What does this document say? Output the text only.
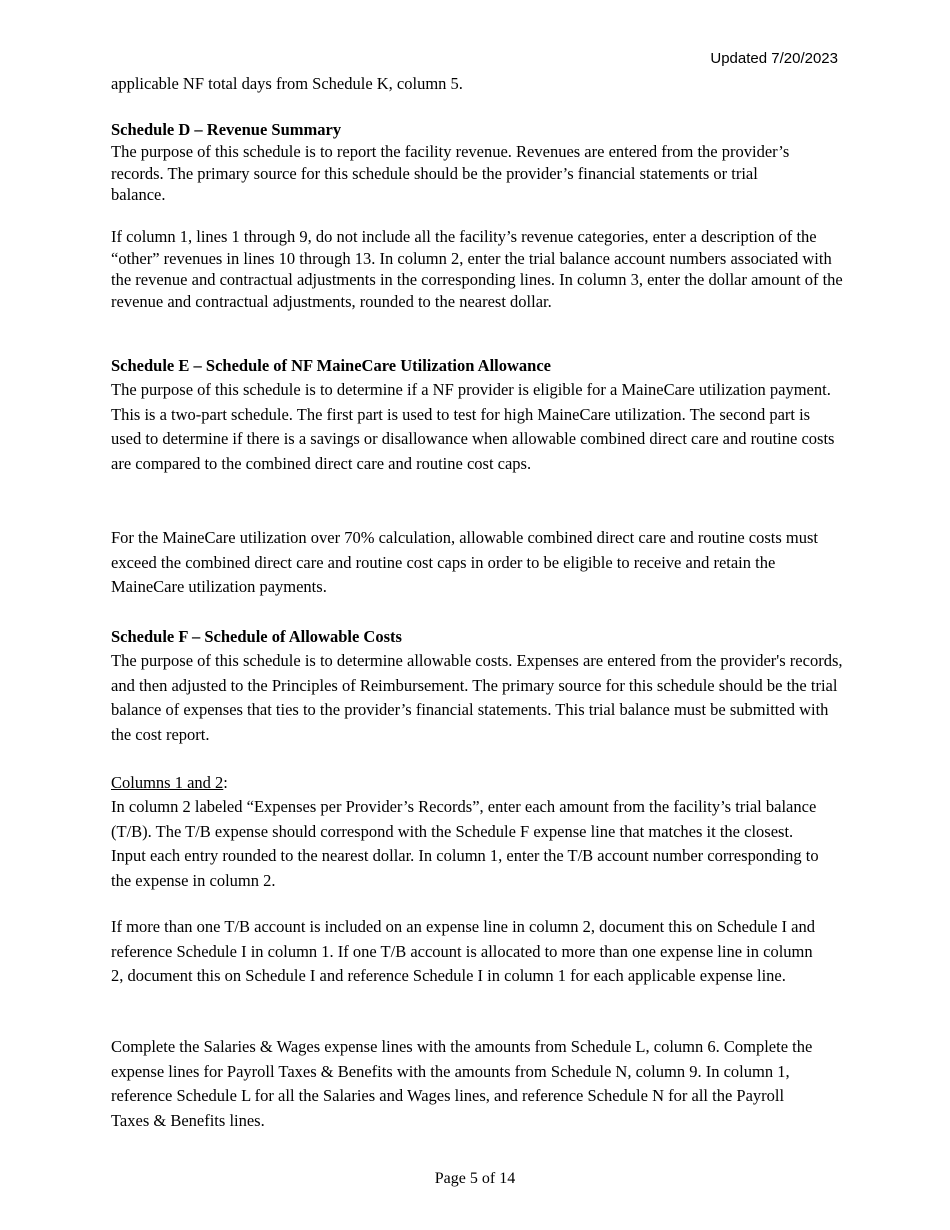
Updated 7/20/2023

applicable NF total days from Schedule K, column 5.

Schedule D – Revenue Summary

The purpose of this schedule is to report the facility revenue. Revenues are entered from the provider’s records. The primary source for this schedule should be the provider’s financial statements or trial balance.

If column 1, lines 1 through 9, do not include all the facility’s revenue categories, enter a description of the “other” revenues in lines 10 through 13. In column 2, enter the trial balance account numbers associated with the revenue and contractual adjustments in the corresponding lines. In column 3, enter the dollar amount of the revenue and contractual adjustments, rounded to the nearest dollar.

Schedule E – Schedule of NF MaineCare Utilization Allowance

The purpose of this schedule is to determine if a NF provider is eligible for a MaineCare utilization payment. This is a two-part schedule. The first part is used to test for high MaineCare utilization. The second part is used to determine if there is a savings or disallowance when allowable combined direct care and routine costs are compared to the combined direct care and routine cost caps.

For the MaineCare utilization over 70% calculation, allowable combined direct care and routine costs must exceed the combined direct care and routine cost caps in order to be eligible to receive and retain the MaineCare utilization payments.

Schedule F – Schedule of Allowable Costs

The purpose of this schedule is to determine allowable costs. Expenses are entered from the provider's records, and then adjusted to the Principles of Reimbursement. The primary source for this schedule should be the trial balance of expenses that ties to the provider’s financial statements. This trial balance must be submitted with the cost report.

Columns 1 and 2:

In column 2 labeled “Expenses per Provider’s Records”, enter each amount from the facility’s trial balance (T/B). The T/B expense should correspond with the Schedule F expense line that matches it the closest. Input each entry rounded to the nearest dollar. In column 1, enter the T/B account number corresponding to the expense in column 2.

If more than one T/B account is included on an expense line in column 2, document this on Schedule I and reference Schedule I in column 1. If one T/B account is allocated to more than one expense line in column 2, document this on Schedule I and reference Schedule I in column 1 for each applicable expense line.

Complete the Salaries & Wages expense lines with the amounts from Schedule L, column 6. Complete the expense lines for Payroll Taxes & Benefits with the amounts from Schedule N, column 9. In column 1, reference Schedule L for all the Salaries and Wages lines, and reference Schedule N for all the Payroll Taxes & Benefits lines.

Page 5 of 14
